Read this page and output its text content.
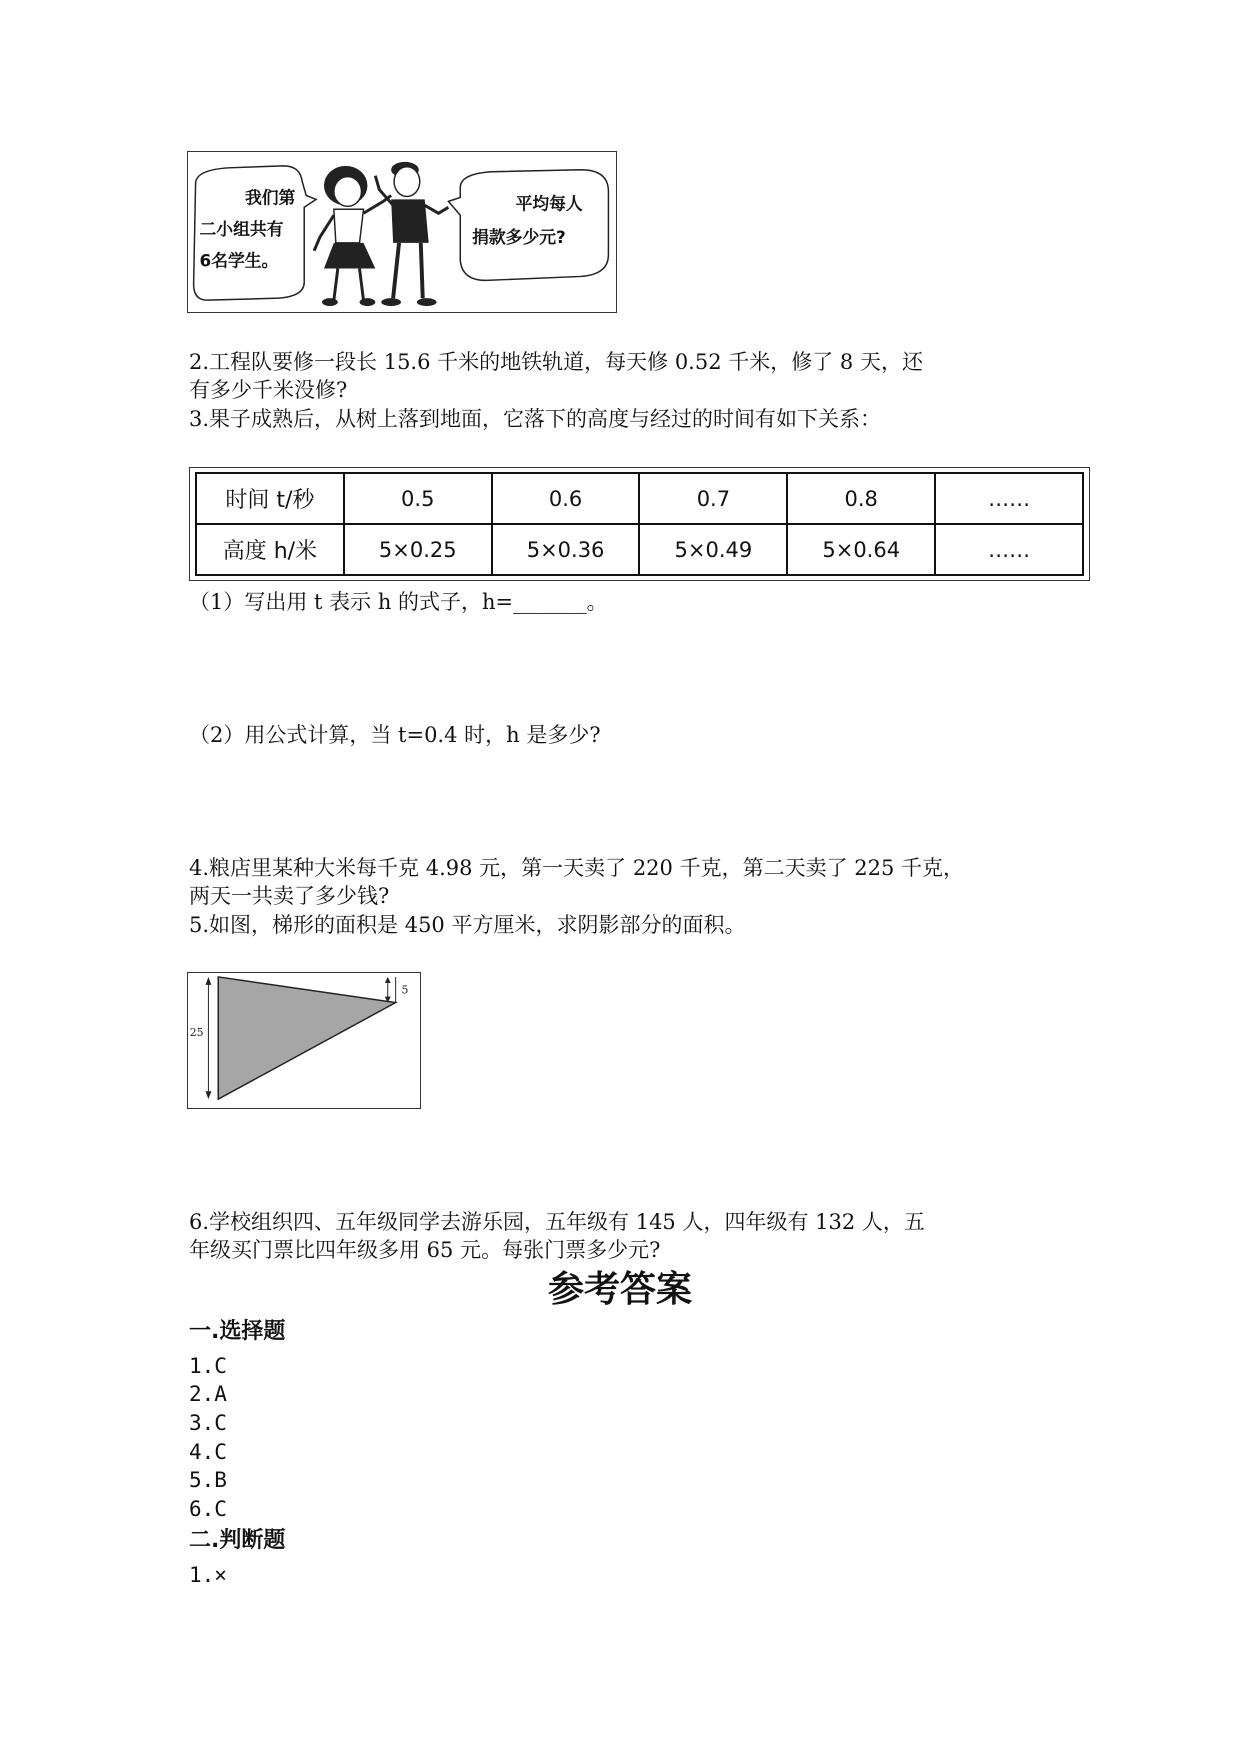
我们第
二小组共有
6名学生。
平均每人
捐款多少元?
2.工程队要修一段长 15.6 千米的地铁轨道，每天修 0.52 千米，修了 8 天，还
有多少千米没修?
3.果子成熟后，从树上落到地面，它落下的高度与经过的时间有如下关系：
时间 t/秒	0.5	0.6	0.7	0.8	……
高度 h/米	5×0.25	5×0.36	5×0.49	5×0.64	……
（1）写出用 t 表示 h 的式子，h=_______。
（2）用公式计算，当 t=0.4 时，h 是多少?
4.粮店里某种大米每千克 4.98 元，第一天卖了 220 千克，第二天卖了 225 千克，
两天一共卖了多少钱?
5.如图，梯形的面积是 450 平方厘米，求阴影部分的面积。
25
5
6.学校组织四、五年级同学去游乐园，五年级有 145 人，四年级有 132 人，五
年级买门票比四年级多用 65 元。每张门票多少元?
参考答案
一.选择题
1.C
2.A
3.C
4.C
5.B
6.C
二.判断题
1.×
